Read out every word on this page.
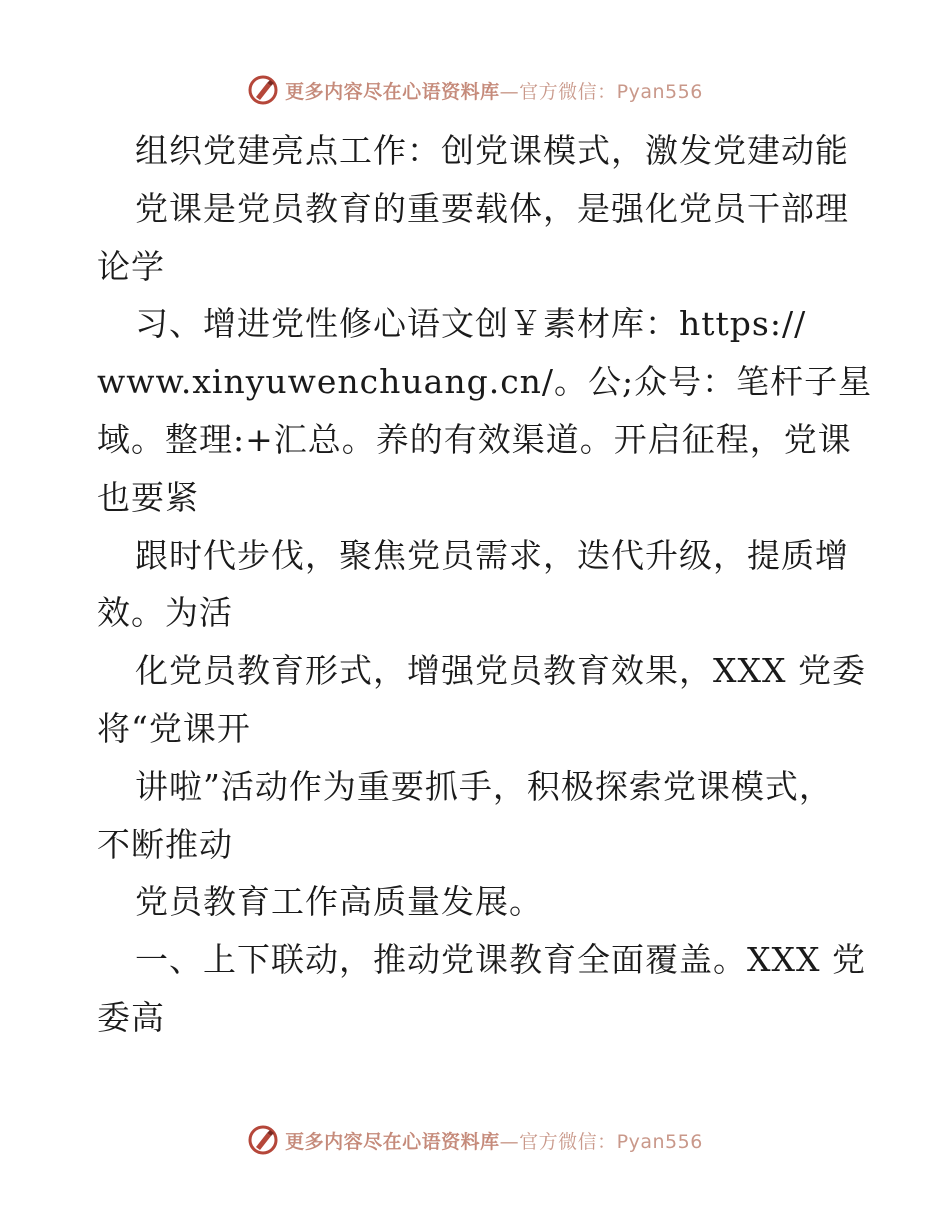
更多内容尽在心语资料库—官方微信：Pyan556
组织党建亮点工作：创党课模式，激发党建动能
党课是党员教育的重要载体，是强化党员干部理
论学
习、增进党性修心语文创￥素材库：https://
www.xinyuwenchuang.cn/。公;众号：笔杆子星
域。整理:+汇总。养的有效渠道。开启征程，党课
也要紧
跟时代步伐，聚焦党员需求，迭代升级，提质增
效。为活
化党员教育形式，增强党员教育效果，XXX 党委
将“党课开
讲啦”活动作为重要抓手，积极探索党课模式，
不断推动
党员教育工作高质量发展。
一、上下联动，推动党课教育全面覆盖。XXX 党
委高
更多内容尽在心语资料库—官方微信：Pyan556
